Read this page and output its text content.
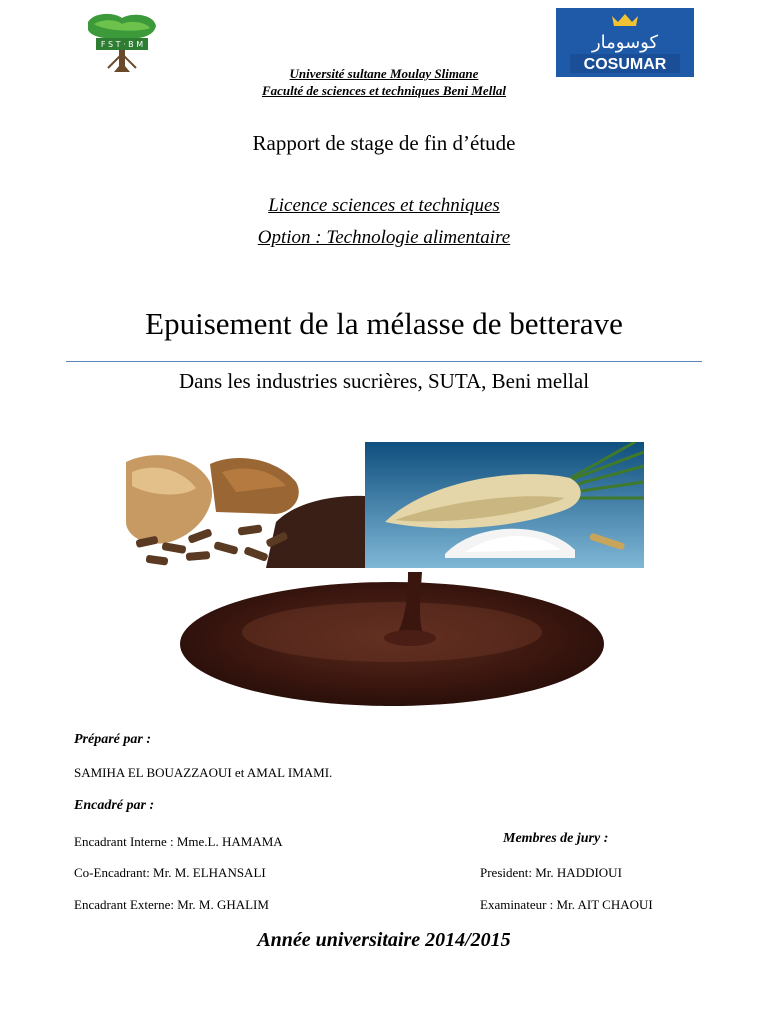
F S T · B M	كوسومار
COSUMAR
Université sultane Moulay Slimane
Faculté de sciences et techniques Beni Mellal
Rapport de stage de fin d’étude
Licence sciences et techniques
Option : Technologie alimentaire
Epuisement de la mélasse de betterave
Dans les industries sucrières, SUTA, Beni mellal
Préparé par :
SAMIHA EL BOUAZZAOUI et AMAL IMAMI.
Encadré par :
Encadrant Interne : Mme.L. HAMAMA
Co-Encadrant: Mr. M. ELHANSALI
Encadrant Externe: Mr. M. GHALIM
Membres de jury :
President: Mr. HADDIOUI
Examinateur : Mr. AIT CHAOUI
Année universitaire 2014/2015
